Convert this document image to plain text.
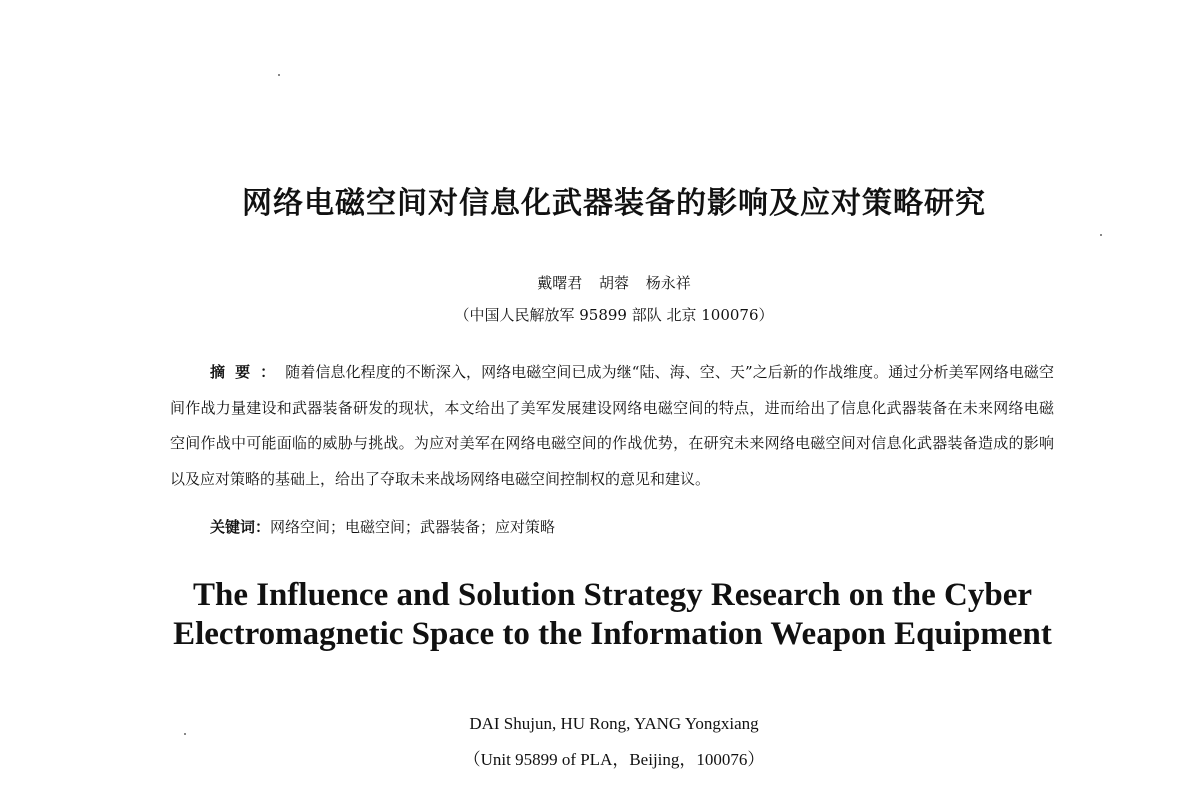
网络电磁空间对信息化武器装备的影响及应对策略研究
戴曙君 胡蓉 杨永祥
（中国人民解放军 95899 部队 北京 100076）

摘要：随着信息化程度的不断深入，网络电磁空间已成为继“陆、海、空、天”之后新的作战维度。通过分析美军网络电磁空间作战力量建设和武器装备研发的现状，本文给出了美军发展建设网络电磁空间的特点，进而给出了信息化武器装备在未来网络电磁空间作战中可能面临的威胁与挑战。为应对美军在网络电磁空间的作战优势，在研究未来网络电磁空间对信息化武器装备造成的影响以及应对策略的基础上，给出了夺取未来战场网络电磁空间控制权的意见和建议。

关键词：网络空间；电磁空间；武器装备；应对策略

The Influence and Solution Strategy Research on the Cyber Electromagnetic Space to the Information Weapon Equipment

DAI Shujun, HU Rong, YANG Yongxiang
（Unit 95899 of PLA，Beijing，100076）
